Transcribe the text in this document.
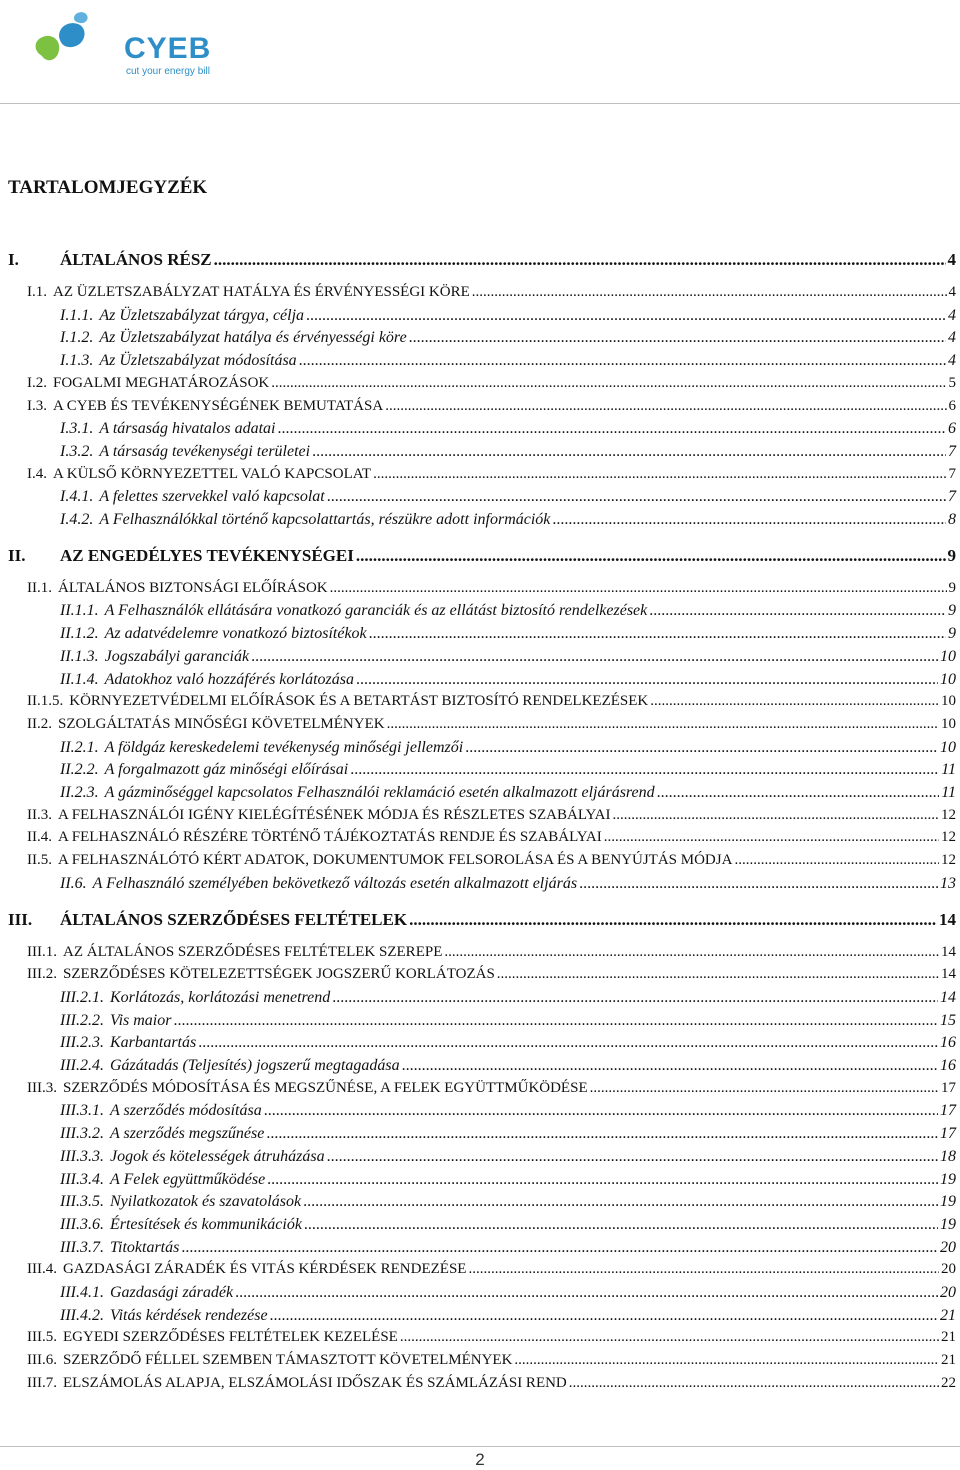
CYEB
cut your energy bill
TARTALOMJEGYZÉK
I.	ÁLTALÁNOS RÉSZ .....	4
I.1. AZ ÜZLETSZABÁLYZAT HATÁLYA ÉS ÉRVÉNYESSÉGI KÖRE .....	4
I.1.1. Az Üzletszabályzat tárgya, célja .....	4
I.1.2. Az Üzletszabályzat hatálya és érvényességi köre .....	4
I.1.3. Az Üzletszabályzat módosítása .....	4
I.2. FOGALMI MEGHATÁROZÁSOK .....	5
I.3. A CYEB ÉS TEVÉKENYSÉGÉNEK BEMUTATÁSA .....	6
I.3.1. A társaság hivatalos adatai .....	6
I.3.2. A társaság tevékenységi területei .....	7
I.4. A KÜLSŐ KÖRNYEZETTEL VALÓ KAPCSOLAT .....	7
I.4.1. A felettes szervekkel való kapcsolat .....	7
I.4.2. A Felhasználókkal történő kapcsolattartás, részükre adott információk .....	8
II.	AZ ENGEDÉLYES TEVÉKENYSÉGEI .....	9
II.1. ÁLTALÁNOS BIZTONSÁGI ELŐÍRÁSOK .....	9
II.1.1. A Felhasználók ellátására vonatkozó garanciák és az ellátást biztosító rendelkezések .....	9
II.1.2. Az adatvédelemre vonatkozó biztosítékok .....	9
II.1.3. Jogszabályi garanciák .....	10
II.1.4. Adatokhoz való hozzáférés korlátozása .....	10
II.1.5. KÖRNYEZETVÉDELMI ELŐÍRÁSOK ÉS A BETARTÁST BIZTOSÍTÓ RENDELKEZÉSEK .....	10
II.2. SZOLGÁLTATÁS MINŐSÉGI KÖVETELMÉNYEK .....	10
II.2.1. A földgáz kereskedelemi tevékenység minőségi jellemzői .....	10
II.2.2. A forgalmazott gáz minőségi előírásai .....	11
II.2.3. A gázminőséggel kapcsolatos Felhasználói reklamáció esetén alkalmazott eljárásrend .....	11
II.3. A FELHASZNÁLÓI IGÉNY KIELÉGÍTÉSÉNEK MÓDJA ÉS RÉSZLETES SZABÁLYAI .....	12
II.4. A FELHASZNÁLÓ RÉSZÉRE TÖRTÉNŐ TÁJÉKOZTATÁS RENDJE ÉS SZABÁLYAI .....	12
II.5. A FELHASZNÁLÓTÓ KÉRT ADATOK, DOKUMENTUMOK FELSOROLÁSA ÉS A BENYÚJTÁS MÓDJA .....	12
II.6. A Felhasználó személyében bekövetkező változás esetén alkalmazott eljárás .....	13
III.	ÁLTALÁNOS SZERZŐDÉSES FELTÉTELEK .....	14
III.1. AZ ÁLTALÁNOS SZERZŐDÉSES FELTÉTELEK SZEREPE .....	14
III.2. SZERZŐDÉSES KÖTELEZETTSÉGEK JOGSZERŰ KORLÁTOZÁS .....	14
III.2.1. Korlátozás, korlátozási menetrend .....	14
III.2.2. Vis maior .....	15
III.2.3. Karbantartás .....	16
III.2.4. Gázátadás (Teljesítés) jogszerű megtagadása .....	16
III.3. SZERZŐDÉS MÓDOSÍTÁSA ÉS MEGSZŰNÉSE, A FELEK EGYÜTTMŰKÖDÉSE .....	17
III.3.1. A szerződés módosítása .....	17
III.3.2. A szerződés megszűnése .....	17
III.3.3. Jogok és kötelességek átruházása .....	18
III.3.4. A Felek együttműködése .....	19
III.3.5. Nyilatkozatok és szavatolások .....	19
III.3.6. Értesítések és kommunikációk .....	19
III.3.7. Titoktartás .....	20
III.4. GAZDASÁGI ZÁRADÉK ÉS VITÁS KÉRDÉSEK RENDEZÉSE .....	20
III.4.1. Gazdasági záradék .....	20
III.4.2. Vitás kérdések rendezése .....	21
III.5. EGYEDI SZERZŐDÉSES FELTÉTELEK KEZELÉSE .....	21
III.6. SZERZŐDŐ FÉLLEL SZEMBEN TÁMASZTOTT KÖVETELMÉNYEK .....	21
III.7. ELSZÁMOLÁS ALAPJA, ELSZÁMOLÁSI IDŐSZAK ÉS SZÁMLÁZÁSI REND .....	22
2
